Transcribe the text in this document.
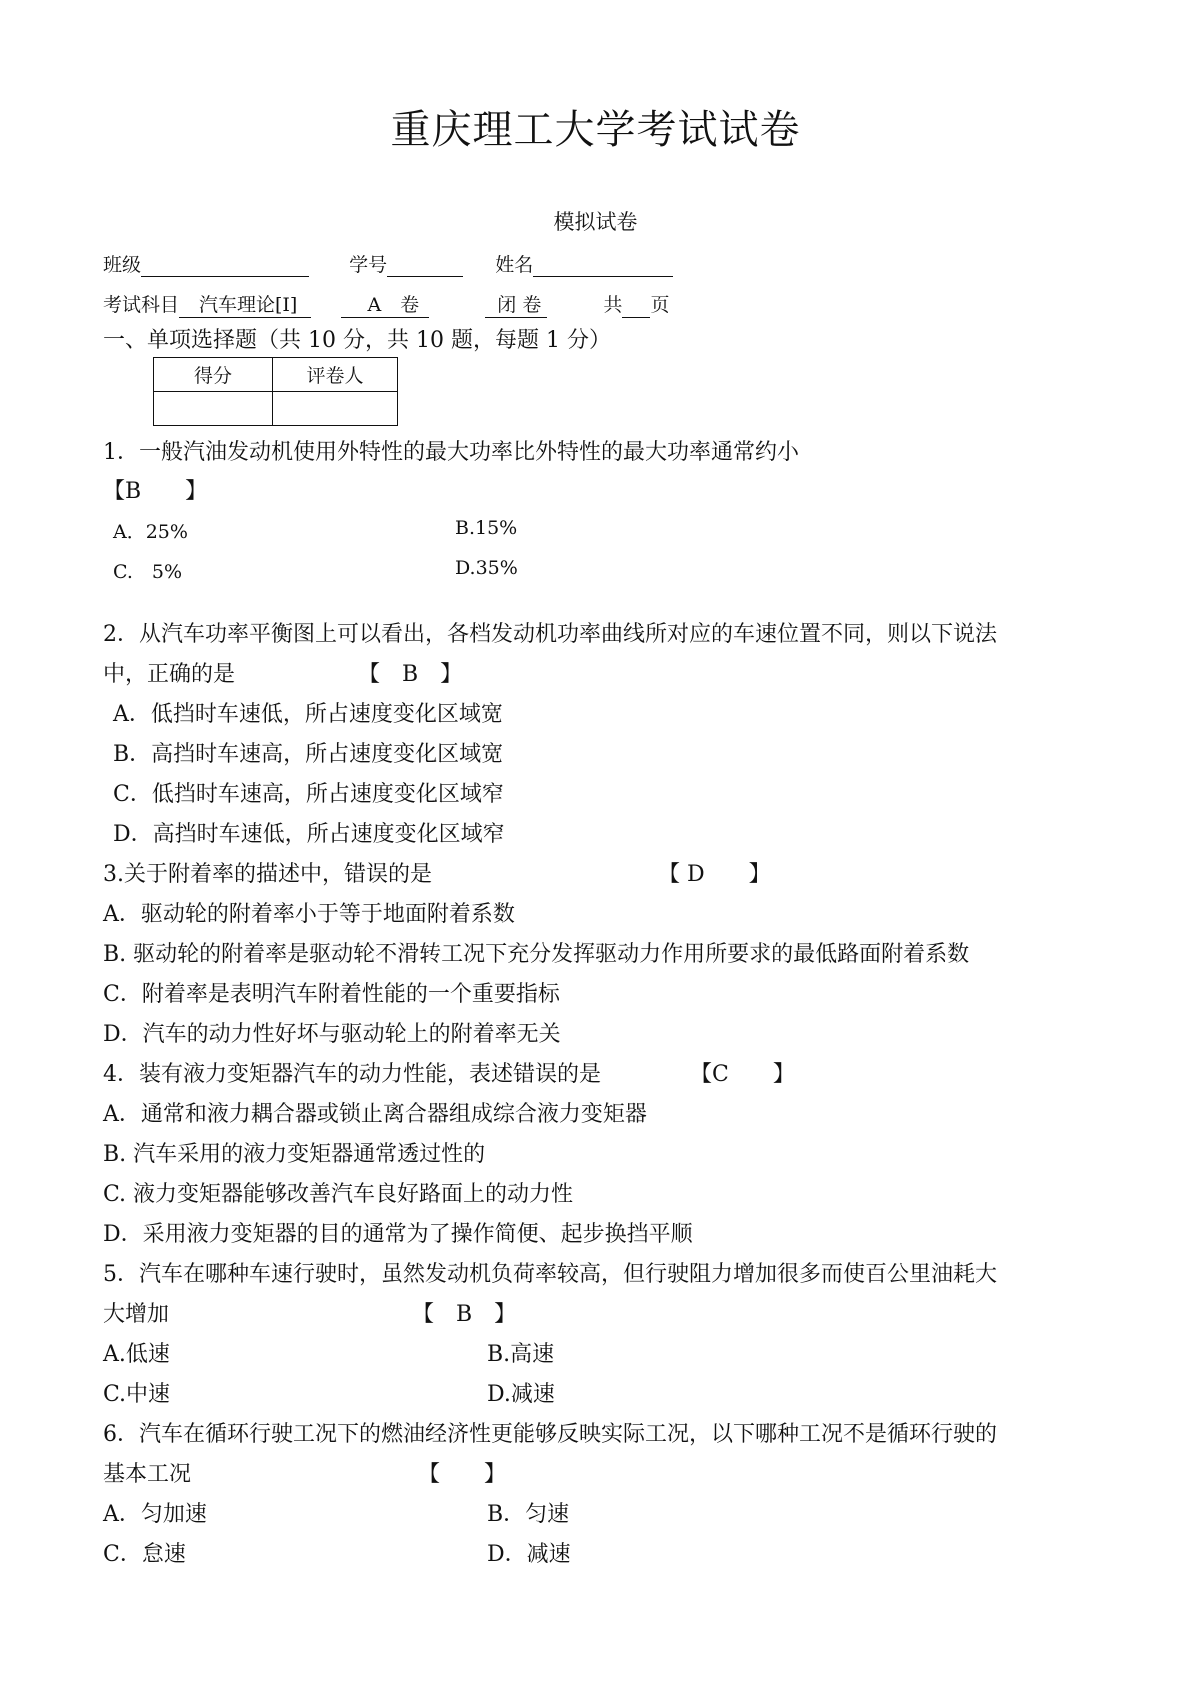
重庆理工大学考试试卷
模拟试卷
班级	学号	姓名
考试科目 汽车理论[I]	A　卷	闭 卷	共 页
一、单项选择题（共 10 分，共 10 题，每题 1 分）
得分	评卷人

1．一般汽油发动机使用外特性的最大功率比外特性的最大功率通常约小
【B　　】
A．25%	B.15%
C.　5%	D.35%
2．从汽车功率平衡图上可以看出，各档发动机功率曲线所对应的车速位置不同，则以下说法
中，正确的是	【　B　】
A．低挡时车速低，所占速度变化区域宽
B．高挡时车速高，所占速度变化区域宽
C．低挡时车速高，所占速度变化区域窄
D．高挡时车速低，所占速度变化区域窄
3.关于附着率的描述中，错误的是	【 D　　】
A．驱动轮的附着率小于等于地面附着系数
B. 驱动轮的附着率是驱动轮不滑转工况下充分发挥驱动力作用所要求的最低路面附着系数
C．附着率是表明汽车附着性能的一个重要指标
D．汽车的动力性好坏与驱动轮上的附着率无关
4．装有液力变矩器汽车的动力性能，表述错误的是	【C　　】
A．通常和液力耦合器或锁止离合器组成综合液力变矩器
B. 汽车采用的液力变矩器通常透过性的
C. 液力变矩器能够改善汽车良好路面上的动力性
D．采用液力变矩器的目的通常为了操作简便、起步换挡平顺
5．汽车在哪种车速行驶时，虽然发动机负荷率较高，但行驶阻力增加很多而使百公里油耗大
大增加	【　B　】
A.低速	B.高速
C.中速	D.减速
6．汽车在循环行驶工况下的燃油经济性更能够反映实际工况，以下哪种工况不是循环行驶的
基本工况	【　　】
A．匀加速	B．匀速
C．怠速	D．减速
